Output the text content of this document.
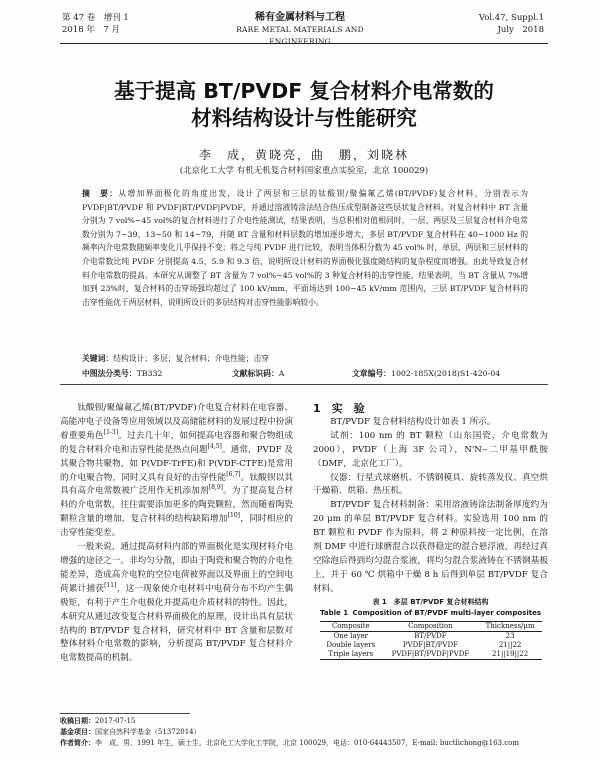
第 47 卷　增刊 1
2018 年　7 月
稀有金属材料与工程
RARE METAL MATERIALS AND ENGINEERING
Vol.47, Suppl.1
July　2018
基于提高 BT/PVDF 复合材料介电常数的
材料结构设计与性能研究
李　成，黄晓亮，曲　鹏，刘晓林
(北京化工大学 有机无机复合材料国家重点实验室，北京 100029)
摘　要：从增加界面极化的角度出发，设计了两层和三层的钛酸钡/聚偏氟乙烯(BT/PVDF)复合材料，分别表示为 PVDF|BT/PVDF 和 PVDF|BT/PVDF|PVDF，并通过溶液铸涂法结合热压成型制备这些层状复合材料。对复合材料中 BT 含量分别为 7 vol%~45 vol%的复合材料进行了介电性能测试，结果表明，当总积相对值相同时，一层、两层及三层复合材料介电常数分别为 7~39、13~50 和 14~79，并随 BT 含量和材料层数的增加逐步增大，多层 BT/PVDF 复合材料在 40~1000 Hz 的频率内介电常数随频率变化几乎保持不变；将之与纯 PVDF 进行比较，表明当体积分数为 45 vol% 时，单层、两层和三层材料的介电常数比纯 PVDF 分别提高 4.5、5.9 和 9.3 倍，说明所设计材料的界面极化强度随结构的复杂程度而增强。由此导致复合材料介电常数的提高。本研究从调整了 BT 含量为 7 vol%~45 vol%的 3 种复合材料的击穿性能，结果表明，当 BT 含量从 7%增加到 23%时，复合材料的击穿场强均超过了 100 kV/mm，平面场达到 100~45 kV/mm 范围内，三层 BT/PVDF 复合材料的击穿性能优于两层材料，说明所设计的多层结构对击穿性能影响较小。
关键词：结构设计；多层；复合材料；介电性能；击穿
中图法分类号：TB332	文献标识码：A	文章编号：1002-185X(2018)S1-420-04

钛酸钡/聚偏氟乙烯(BT/PVDF)介电复合材料在电容器、高能冲电子设备等应用领域以及高储能材料的发展过程中扮演着重要角色[1-3]。过去几十年，如何提高电容器和聚合物组成的复合材料介电和击穿性能是热点问题[4,5]。通常，PVDF 及其聚合物共聚物，如 P(VDF-TrFE)和 P(VDF-CTFE)是常用的介电聚合物，同时又具有良好的击穿性能[6,7]。钛酸钡以其具有高介电常数被广泛用作无机添加剂[8,9]。为了提高复合材料的介电常数，往往需要添加更多的陶瓷颗粒，然而随着陶瓷颗粒含量的增加，复合材料的结构缺陷增加[10]，同时相应的击穿性能变差。

一般来说，通过提高材料内部的界面极化是实现材料介电增强的途径之一。非均匀分散，即由于陶瓷和聚合物的介电性能差异，造成高介电粒的空位电荷被界面以及界面上的空间电荷累计捕获[11]，这一现象使介电材料中电荷分布不均产生偶极矩，有利于产生介电极化并提高电介质材料的特性。因此，本研究从通过改变复合材料界面极化的原理，设计出具有层状结构的 BT/PVDF 复合材料，研究材料中 BT 含量和层数对整体材料介电常数的影响，分析提高 BT/PVDF 复合材料介电常数提高的机制。

1　实　验

BT/PVDF 复合材料结构设计如表 1 所示。

试剂：100 nm 的 BT 颗粒（山东国瓷，介电常数为 2000），PVDF（上海 3F 公司），N'N--二甲基甲酰胺（DMF，北京化工厂）。

仪器：行星式球磨机、不锈钢模具、旋转蒸发仪、真空烘干燥箱、烘箱、热压机。

BT/PVDF 复合材料制备：采用溶液铸涂法制备厚度约为 20 μm 的单层 BT/PVDF 复合材料。实验选用 100 nm 的 BT 颗粒和 PVDF 作为原料，将 2 种原料按一定比例，在溶剂 DMF 中进行球磨混合以获得稳定的混合悬浮液，再经过真空除泡后得到均匀混合浆液，将均匀混合浆液铸在不锈钢基板上，并于 60 ℃ 烘箱中干燥 8 h 后得到单层 BT/PVDF 复合材料。

表 1　多层 BT/PVDF 复合材料结构
Table 1 Composition of BT/PVDF multi-layer composites

Composite	Composition	Thickness/μm
One layer	BT/PVDF	23
Double layers	PVDF|BT/PVDF	21||22
Triple layers	PVDF|BT/PVDF|PVDF	21||19||22
收稿日期：2017-07-15
基金项目：国家自然科学基金（51372014）
作者简介：李　成，男，1991 年生，硕士生，北京化工大学化工学院，北京 100029，电话：010-64443507，E-mail: buctlichong@163.com
